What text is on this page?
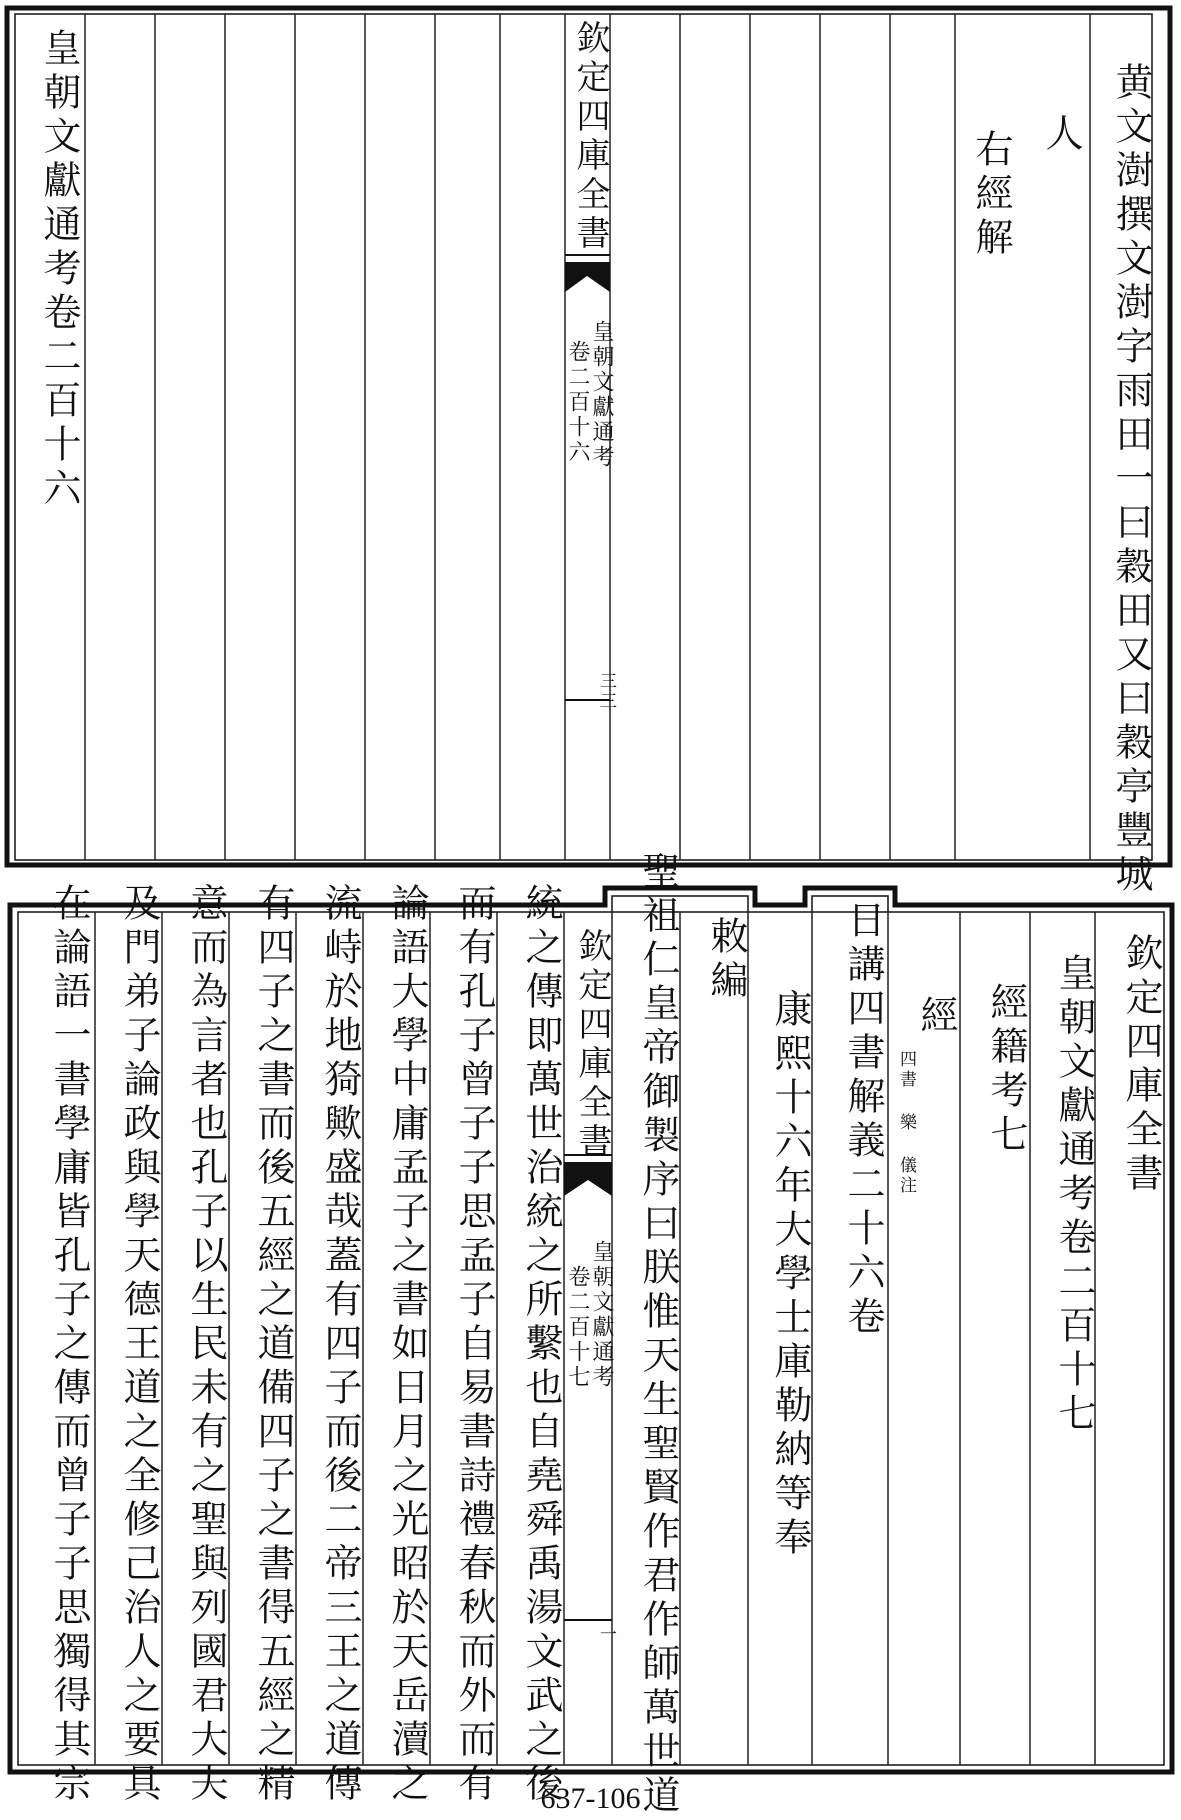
皇朝文獻通考卷二百十六	欽定四庫全書
皇朝文獻通考
卷二百十六
三三
右經解 人 黄文澍撰文澍字雨田一曰穀田又曰穀亭豐城
在論語一書學庸皆孔子之傳而曾子子思獨得其宗 及門弟子論政與學天德王道之全修己治人之要具 意而為言者也孔子以生民未有之聖與列國君大夫 有四子之書而後五經之道備四子之書得五經之精 流峙於地猗歟盛哉蓋有四子而後二帝三王之道傳 論語大學中庸孟子之書如日月之光昭於天岳瀆之 而有孔子曾子子思孟子自易書詩禮春秋而外而有 統之傳即萬世治統之所繫也自堯舜禹湯文武之後 欽定四庫全書
皇朝文獻通考
卷二百十七
一 聖祖仁皇帝御製序曰朕惟天生聖賢作君作師萬世道 敕編
康熙十六年大學士庫勒納等奉 日講四書解義二十六卷 經
四書 樂 儀注	經籍考七 皇朝文獻通考卷二百十七 欽定四庫全書
637-106
